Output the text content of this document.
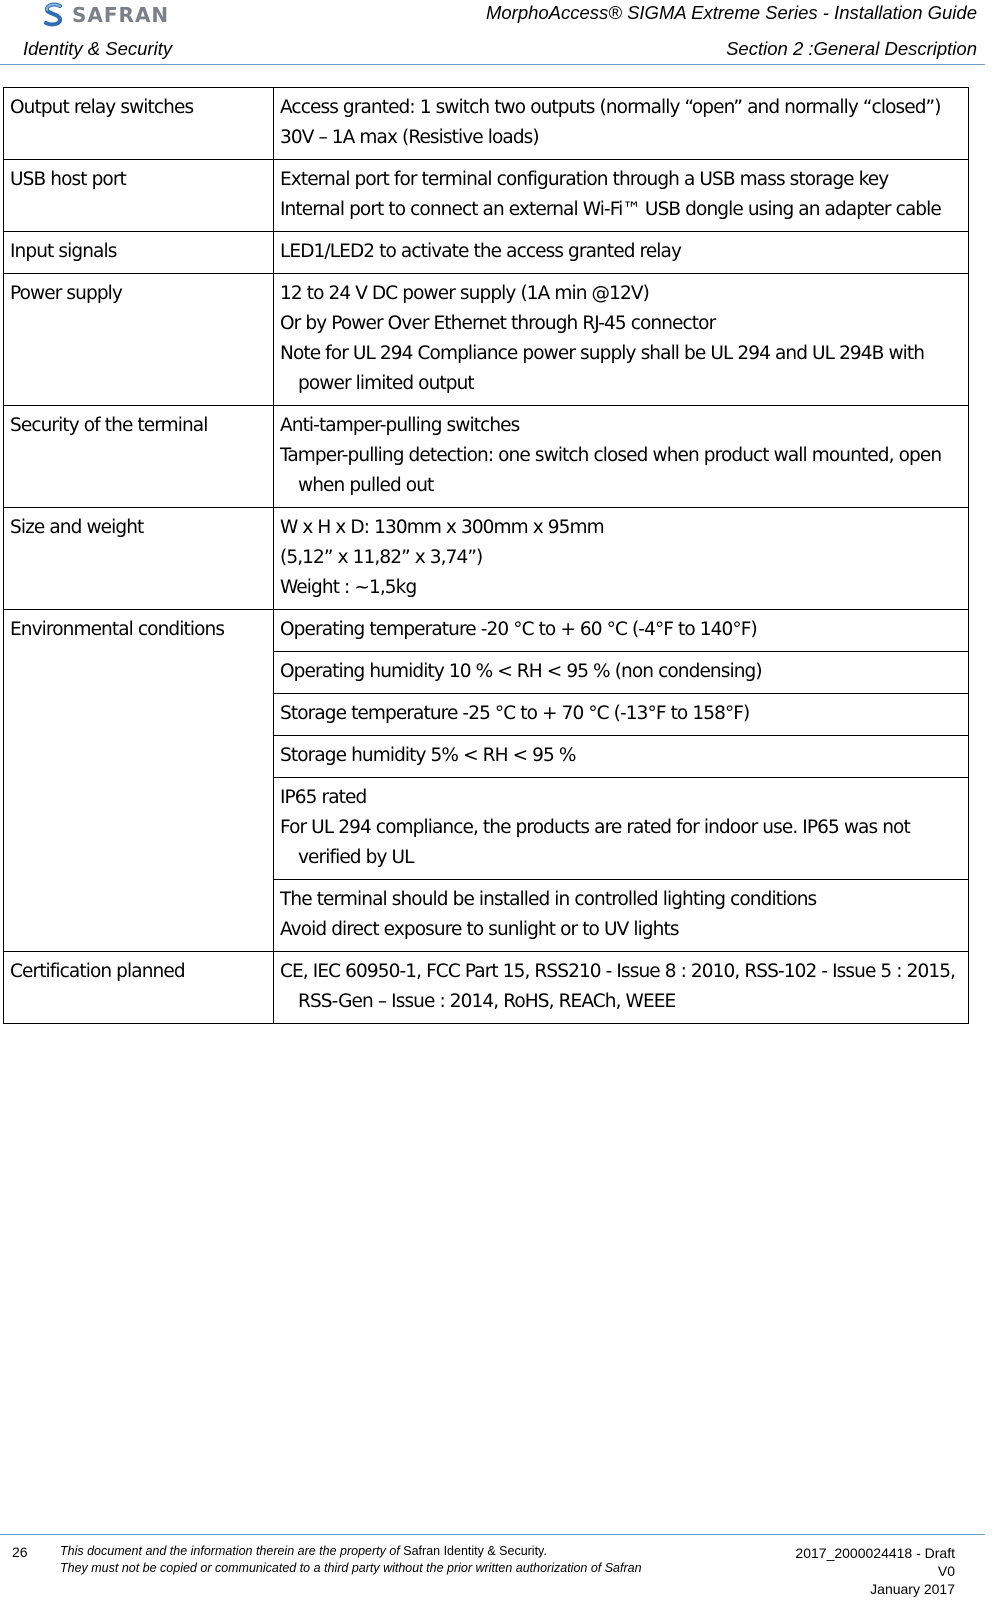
SAFRAN	MorphoAccess® SIGMA Extreme Series - Installation Guide
Identity & Security	Section 2 :General Description
Output relay switches	Access granted: 1 switch two outputs (normally “open” and normally “closed”)
30V – 1A max (Resistive loads)

USB host port	External port for terminal configuration through a USB mass storage key
Internal port to connect an external Wi-Fi™ USB dongle using an adapter cable

Input signals	LED1/LED2 to activate the access granted relay

Power supply	12 to 24 V DC power supply (1A min @12V)
Or by Power Over Ethernet through RJ-45 connector
Note for UL 294 Compliance power supply shall be UL 294 and UL 294B with power limited output

Security of the terminal	Anti-tamper-pulling switches
Tamper-pulling detection: one switch closed when product wall mounted, open when pulled out

Size and weight	W x H x D: 130mm x 300mm x 95mm
(5,12” x 11,82” x 3,74”)
Weight : ~1,5kg

Environmental conditions	Operating temperature -20 °C to + 60 °C (-4°F to 140°F)

	Operating humidity 10 % < RH < 95 % (non condensing)

	Storage temperature -25 °C to + 70 °C (-13°F to 158°F)

	Storage humidity 5% < RH < 95 %

	IP65 rated
For UL 294 compliance, the products are rated for indoor use. IP65 was not verified by UL

	The terminal should be installed in controlled lighting conditions
Avoid direct exposure to sunlight or to UV lights

Certification planned	CE, IEC 60950-1, FCC Part 15, RSS210 - Issue 8 : 2010, RSS-102 - Issue 5 : 2015, RSS-Gen – Issue : 2014, RoHS, REACh, WEEE
26	This document and the information therein are the property of Safran Identity & Security.
They must not be copied or communicated to a third party without the prior written authorization of Safran
2017_2000024418 - Draft
V0
January 2017
